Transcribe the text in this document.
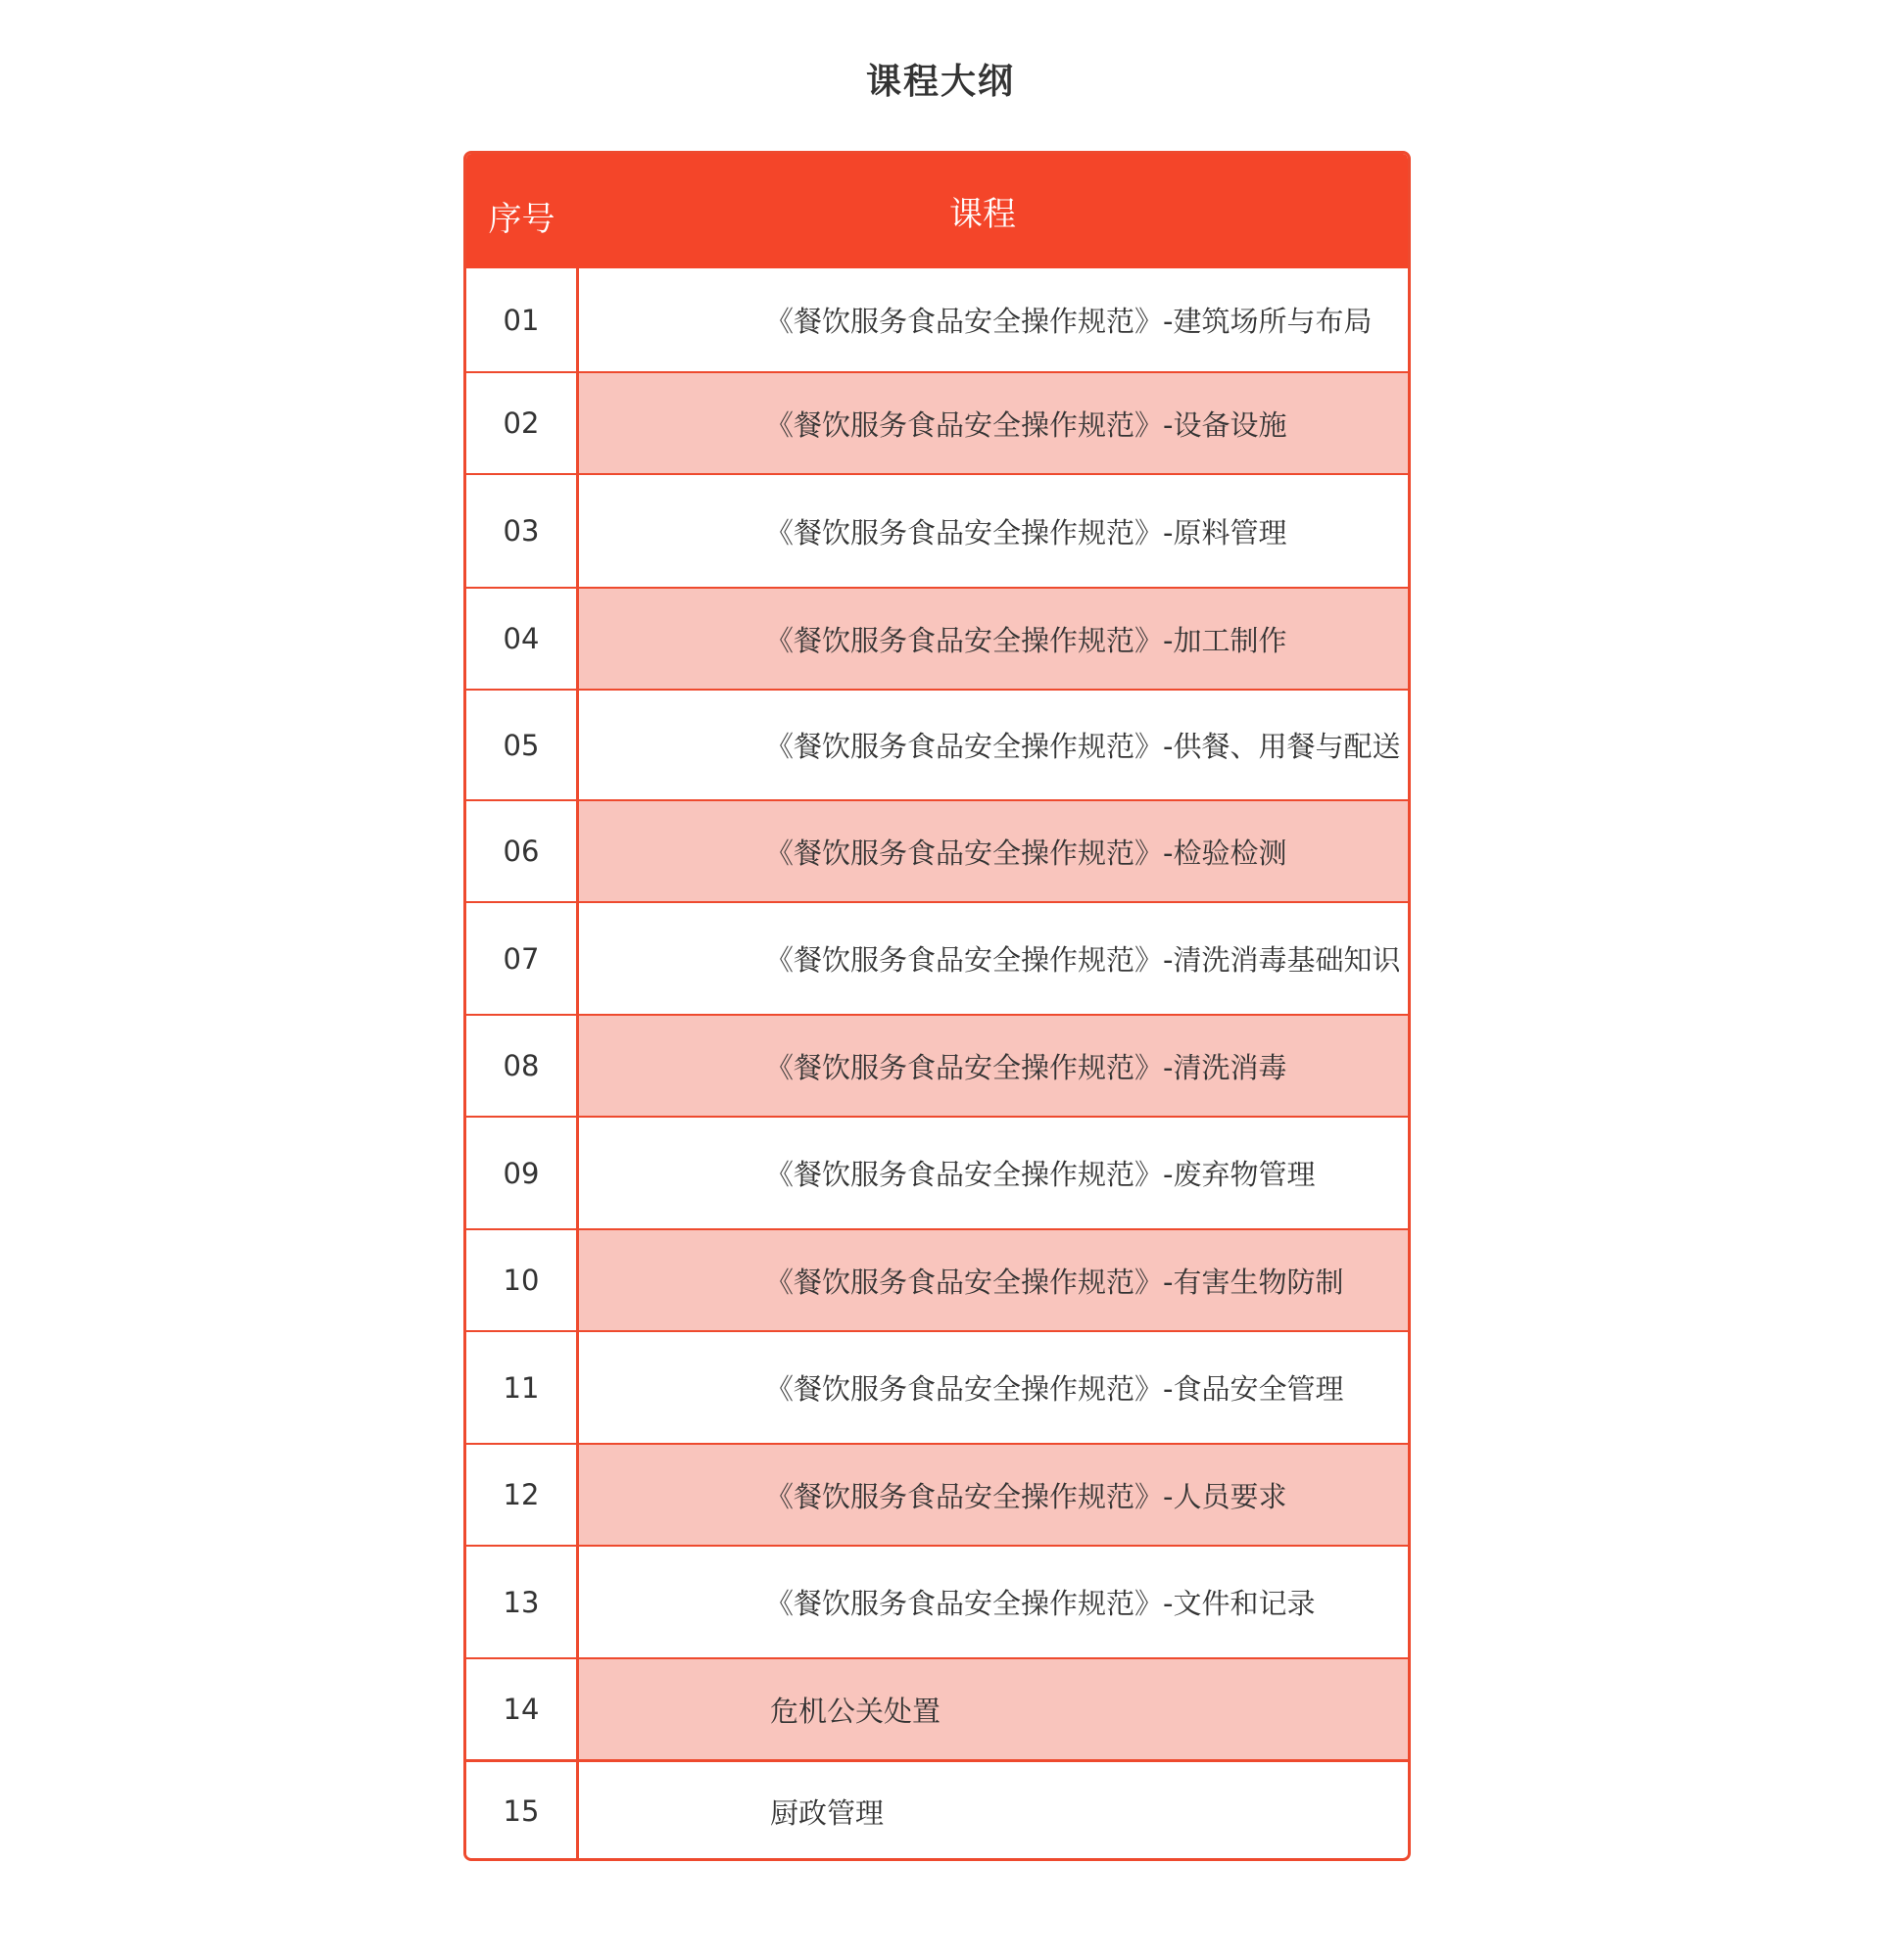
课程大纲
序号	课程
01	《餐饮服务食品安全操作规范》-建筑场所与布局
02	《餐饮服务食品安全操作规范》-设备设施
03	《餐饮服务食品安全操作规范》-原料管理
04	《餐饮服务食品安全操作规范》-加工制作
05	《餐饮服务食品安全操作规范》-供餐、用餐与配送
06	《餐饮服务食品安全操作规范》-检验检测
07	《餐饮服务食品安全操作规范》-清洗消毒基础知识
08	《餐饮服务食品安全操作规范》-清洗消毒
09	《餐饮服务食品安全操作规范》-废弃物管理
10	《餐饮服务食品安全操作规范》-有害生物防制
11	《餐饮服务食品安全操作规范》-食品安全管理
12	《餐饮服务食品安全操作规范》-人员要求
13	《餐饮服务食品安全操作规范》-文件和记录
14	危机公关处置
15	厨政管理
